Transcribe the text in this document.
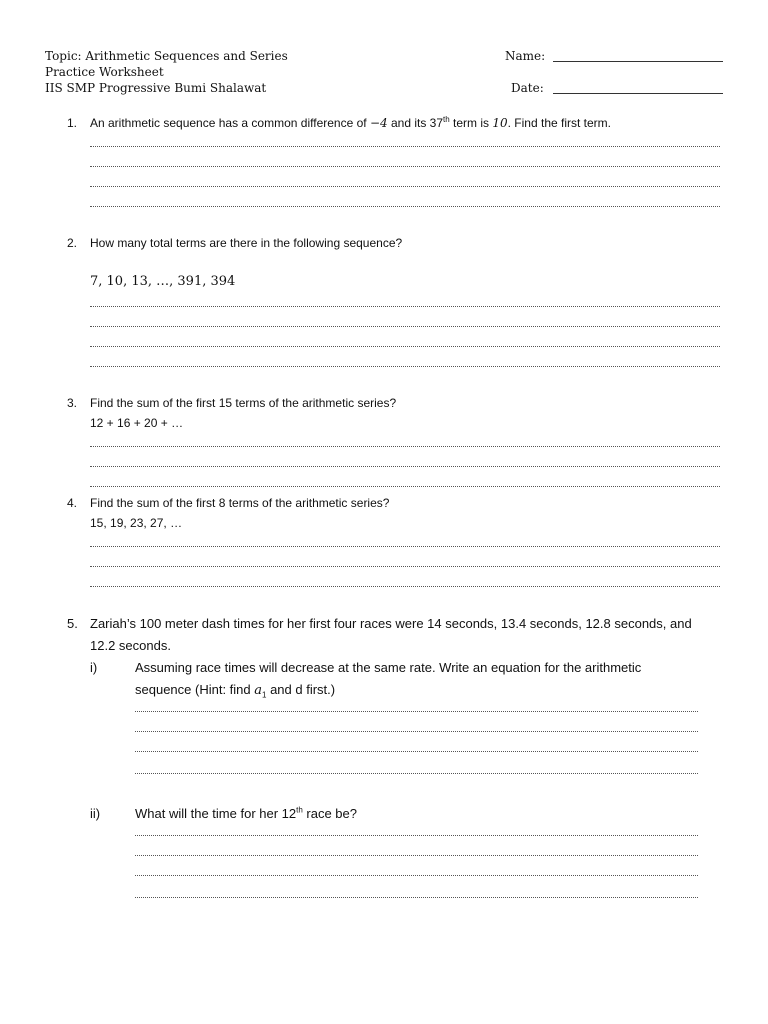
Topic: Arithmetic Sequences and Series
Practice Worksheet
IIS SMP Progressive Bumi Shalawat
Name:
Date:
1. An arithmetic sequence has a common difference of −4 and its 37th term is 10. Find the first term.
2. How many total terms are there in the following sequence?
7, 10, 13, …, 391, 394
3. Find the sum of the first 15 terms of the arithmetic series?
12 + 16 + 20 + …
4. Find the sum of the first 8 terms of the arithmetic series?
15, 19, 23, 27, …
5. Zariah’s 100 meter dash times for her first four races were 14 seconds, 13.4 seconds, 12.8 seconds, and
12.2 seconds.
i)	Assuming race times will decrease at the same rate. Write an equation for the arithmetic
sequence (Hint: find $a_1$ and d first.)
ii)	What will the time for her 12th race be?
